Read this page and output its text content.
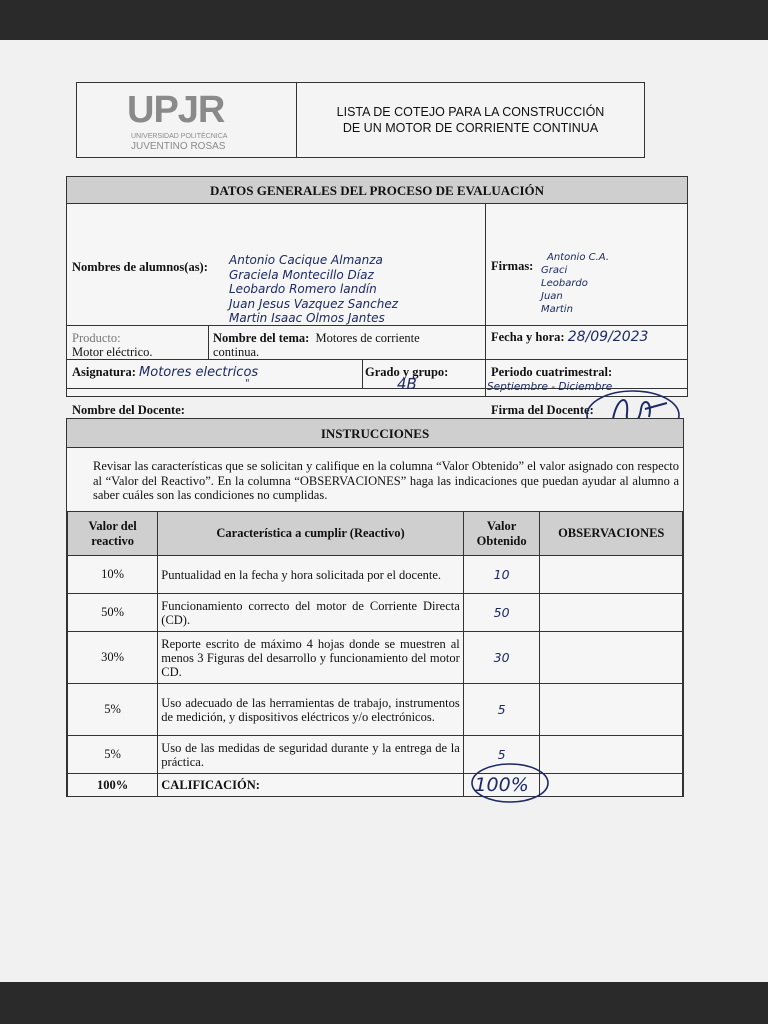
UPJR
UNIVERSIDAD POLITÉCNICA
JUVENTINO ROSAS
LISTA DE COTEJO PARA LA CONSTRUCCIÓN
DE UN MOTOR DE CORRIENTE CONTINUA
DATOS GENERALES DEL PROCESO DE EVALUACIÓN
Nombres de alumnos(as): Antonio Cacique Almanza
Graciela Montecillo Díaz
Leobardo Romero landín
Juan Jesus Vazquez Sanchez
Martin Isaac Olmos Jantes
Firmas:
Antonio C.A.
Graci
Leobardo
Juan
Martin
Producto:
Motor eléctrico.
Nombre del tema: Motores de corriente
continua.
Fecha y hora: 28/09/2023
Asignatura: Motores electricos
"
Grado y grupo:
4B
Periodo cuatrimestral:
Septiembre - Diciembre
Nombre del Docente:	Firma del Docente:
INSTRUCCIONES
Revisar las características que se solicitan y califique en la columna “Valor Obtenido” el valor asignado con respecto al “Valor del Reactivo”. En la columna “OBSERVACIONES” haga las indicaciones que puedan ayudar al alumno a saber cuáles son las condiciones no cumplidas.
Valor del reactivo	Característica a cumplir (Reactivo)	Valor Obtenido	OBSERVACIONES
10%	Puntualidad en la fecha y hora solicitada por el docente.	10	
50%	Funcionamiento correcto del motor de Corriente Directa (CD).	50	
30%	Reporte escrito de máximo 4 hojas donde se muestren al menos 3 Figuras del desarrollo y funcionamiento del motor CD.	30	
5%	Uso adecuado de las herramientas de trabajo, instrumentos de medición, y dispositivos eléctricos y/o electrónicos.	5	
5%	Uso de las medidas de seguridad durante y la entrega de la práctica.	5	
100%	CALIFICACIÓN:	100%
